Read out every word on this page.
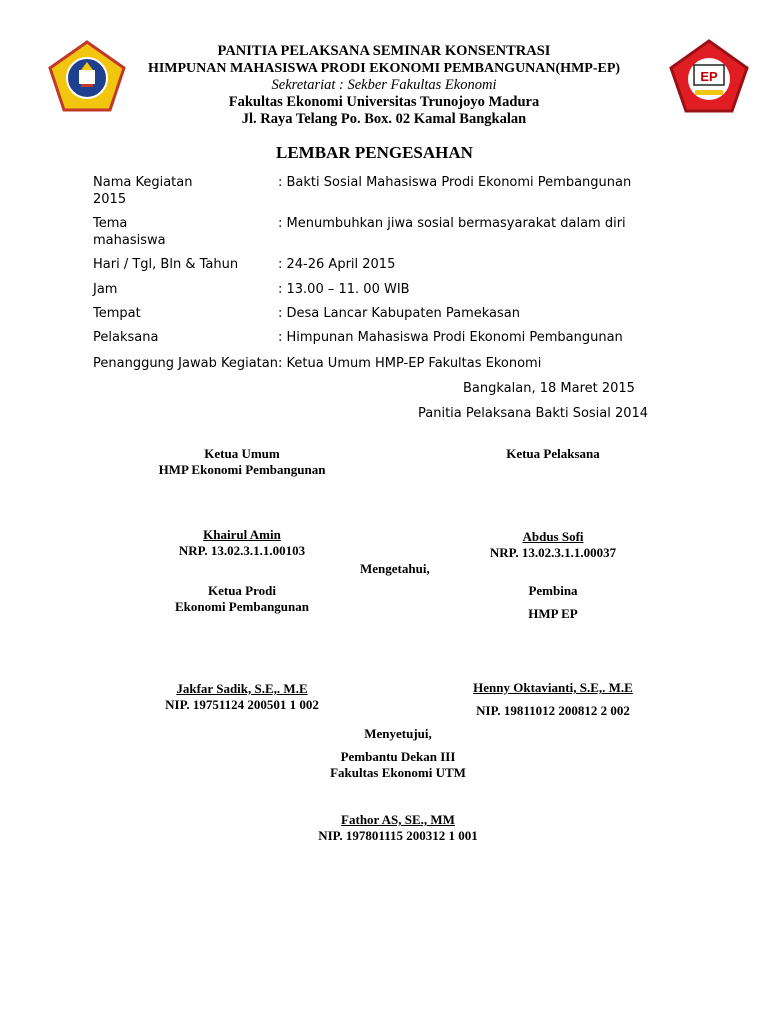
PANITIA PELAKSANA SEMINAR KONSENTRASI
HIMPUNAN MAHASISWA PRODI EKONOMI PEMBANGUNAN(HMP-EP)
Sekretariat : Sekber Fakultas Ekonomi
Fakultas Ekonomi Universitas Trunojoyo Madura
Jl. Raya Telang Po. Box. 02 Kamal Bangkalan
EP
LEMBAR PENGESAHAN
Nama Kegiatan	: Bakti Sosial Mahasiswa Prodi Ekonomi Pembangunan
2015
Tema	: Menumbuhkan jiwa sosial bermasyarakat dalam diri
mahasiswa
Hari / Tgl, Bln & Tahun	: 24-26 April 2015
Jam	: 13.00 – 11. 00 WIB
Tempat	: Desa Lancar Kabupaten Pamekasan
Pelaksana	: Himpunan Mahasiswa Prodi Ekonomi Pembangunan
Penanggung Jawab Kegiatan: Ketua Umum HMP-EP Fakultas Ekonomi
Bangkalan, 18 Maret 2015
Panitia Pelaksana Bakti Sosial 2014
Ketua Umum
HMP Ekonomi Pembangunan
Khairul Amin
NRP. 13.02.3.1.1.00103
Ketua Pelaksana
Abdus Sofi
NRP. 13.02.3.1.1.00037
Mengetahui,
Ketua Prodi
Ekonomi Pembangunan
Jakfar Sadik, S.E,. M.E
NIP. 19751124 200501 1 002
Pembina
HMP EP
Henny Oktavianti, S.E,. M.E
NIP. 19811012 200812 2 002
Menyetujui,
Pembantu Dekan III
Fakultas Ekonomi UTM
Fathor AS, SE., MM
NIP. 197801115 200312 1 001
